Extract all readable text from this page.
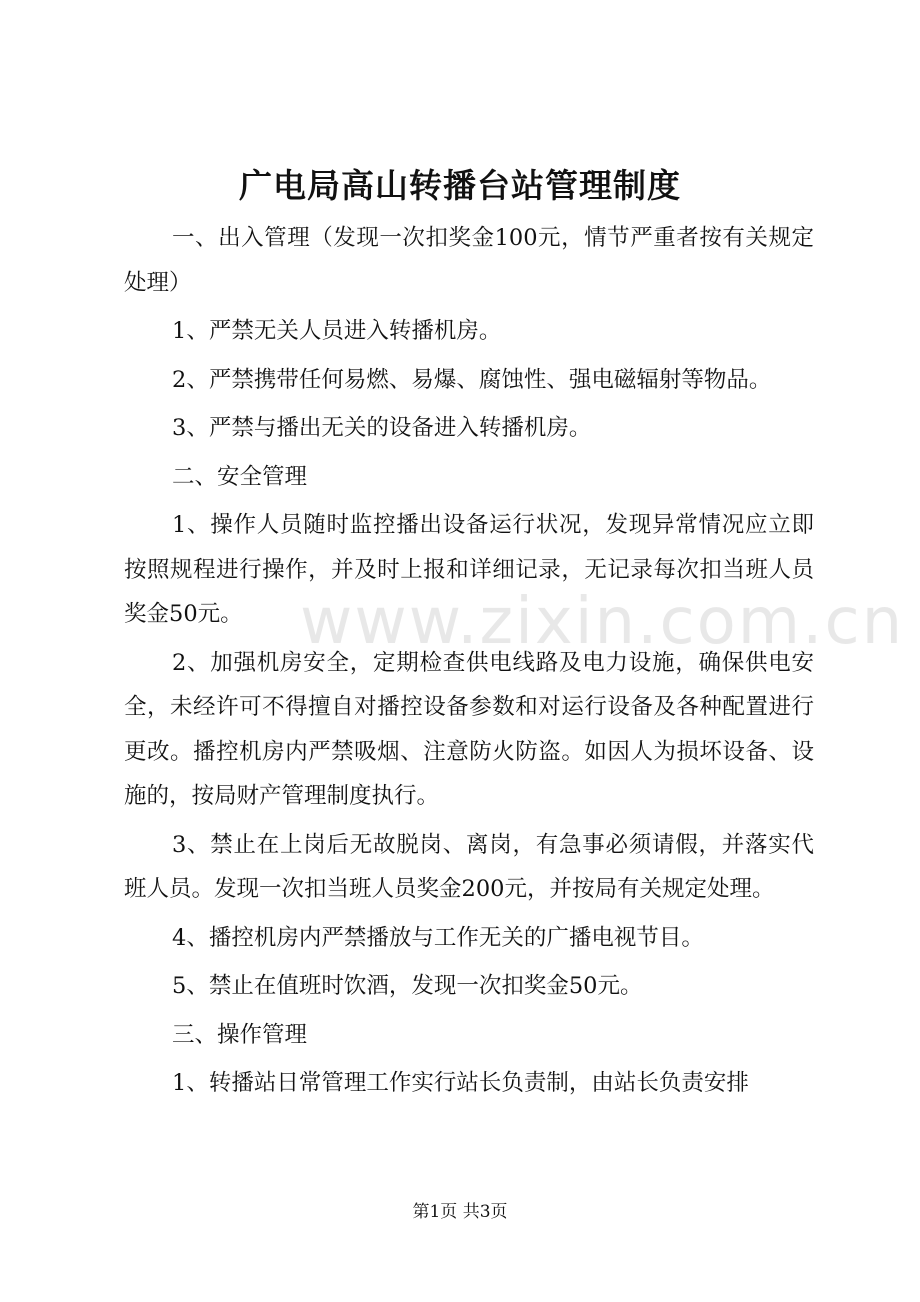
广电局高山转播台站管理制度

一、出入管理（发现一次扣奖金100元，情节严重者按有关规定处理）

1、严禁无关人员进入转播机房。

2、严禁携带任何易燃、易爆、腐蚀性、强电磁辐射等物品。

3、严禁与播出无关的设备进入转播机房。

二、安全管理

1、操作人员随时监控播出设备运行状况，发现异常情况应立即按照规程进行操作，并及时上报和详细记录，无记录每次扣当班人员奖金50元。

2、加强机房安全，定期检查供电线路及电力设施，确保供电安全，未经许可不得擅自对播控设备参数和对运行设备及各种配置进行更改。播控机房内严禁吸烟、注意防火防盗。如因人为损坏设备、设施的，按局财产管理制度执行。

3、禁止在上岗后无故脱岗、离岗，有急事必须请假，并落实代班人员。发现一次扣当班人员奖金200元，并按局有关规定处理。

4、播控机房内严禁播放与工作无关的广播电视节目。

5、禁止在值班时饮酒，发现一次扣奖金50元。

三、操作管理

1、转播站日常管理工作实行站长负责制，由站长负责安排

www.zixin.com.cn
第1页 共3页
